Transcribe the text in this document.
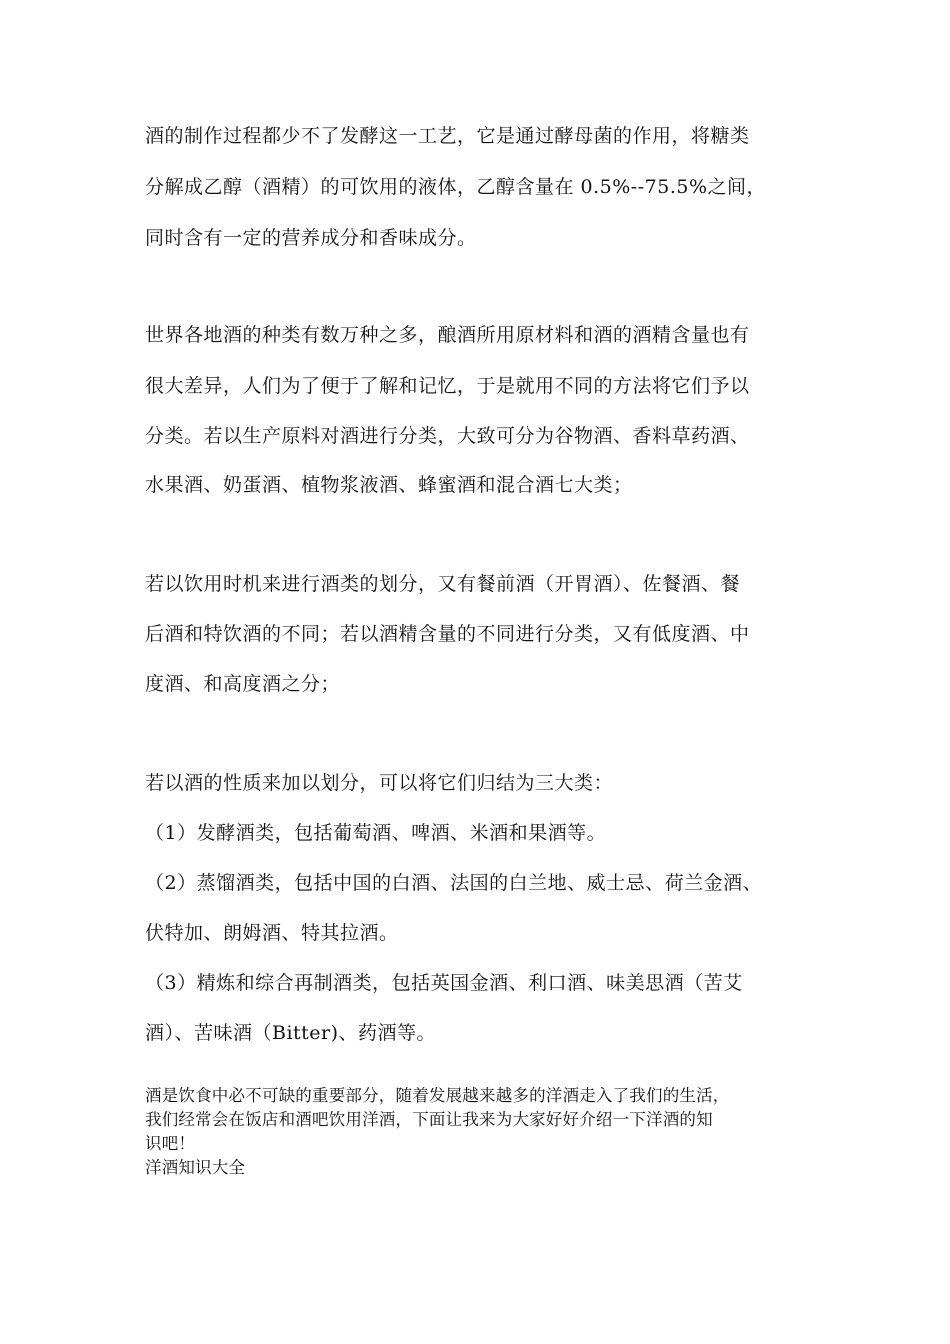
酒的制作过程都少不了发酵这一工艺，它是通过酵母菌的作用，将糖类
分解成乙醇（酒精）的可饮用的液体，乙醇含量在 0.5%--75.5%之间，
同时含有一定的营养成分和香味成分。
世界各地酒的种类有数万种之多，酿酒所用原材料和酒的酒精含量也有
很大差异，人们为了便于了解和记忆，于是就用不同的方法将它们予以
分类。若以生产原料对酒进行分类，大致可分为谷物酒、香料草药酒、
水果酒、奶蛋酒、植物浆液酒、蜂蜜酒和混合酒七大类；
若以饮用时机来进行酒类的划分，又有餐前酒（开胃酒）、佐餐酒、餐
后酒和特饮酒的不同；若以酒精含量的不同进行分类，又有低度酒、中
度酒、和高度酒之分；
若以酒的性质来加以划分，可以将它们归结为三大类：
（1）发酵酒类，包括葡萄酒、啤酒、米酒和果酒等。
（2）蒸馏酒类，包括中国的白酒、法国的白兰地、威士忌、荷兰金酒、
伏特加、朗姆酒、特其拉酒。
（3）精炼和综合再制酒类，包括英国金酒、利口酒、味美思酒（苦艾
酒）、苦味酒（Bitter)、药酒等。
酒是饮食中必不可缺的重要部分，随着发展越来越多的洋酒走入了我们的生活，
我们经常会在饭店和酒吧饮用洋酒，下面让我来为大家好好介绍一下洋酒的知
识吧！
洋酒知识大全
